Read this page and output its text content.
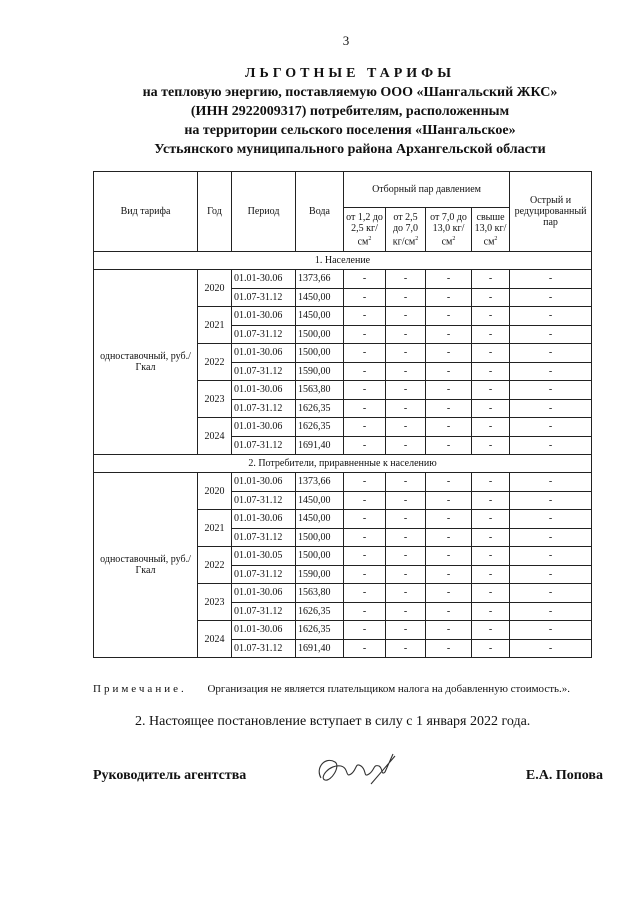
3
ЛЬГОТНЫЕ ТАРИФЫ
на тепловую энергию, поставляемую ООО «Шангальский ЖКС»
(ИНН 2922009317) потребителям, расположенным
на территории сельского поселения «Шангальское»
Устьянского муниципального района Архангельской области
Вид тарифа	Год	Период	Вода	Отборный пар давлением				Острый и редуцированный пар
				от 1,2 до 2,5 $кг/см^2$	от 2,5 до 7,0 $кг/см^2$	от 7,0 до 13,0 $кг/см^2$	свыше 13,0 $кг/см^2$
1. Население								
одноставочный, руб./Гкал	2020	01.01-30.06	1373,66	-	-	-	-	-
		01.07-31.12	1450,00	-	-	-	-	-
	2021	01.01-30.06	1450,00	-	-	-	-	-
		01.07-31.12	1500,00	-	-	-	-	-
	2022	01.01-30.06	1500,00	-	-	-	-	-
		01.07-31.12	1590,00	-	-	-	-	-
	2023	01.01-30.06	1563,80	-	-	-	-	-
		01.07-31.12	1626,35	-	-	-	-	-
	2024	01.01-30.06	1626,35	-	-	-	-	-
		01.07-31.12	1691,40	-	-	-	-	-
2. Потребители, приравненные к населению								
одноставочный, руб./Гкал	2020	01.01-30.06	1373,66	-	-	-	-	-
		01.07-31.12	1450,00	-	-	-	-	-
	2021	01.01-30.06	1450,00	-	-	-	-	-
		01.07-31.12	1500,00	-	-	-	-	-
	2022	01.01-30.05	1500,00	-	-	-	-	-
		01.07-31.12	1590,00	-	-	-	-	-
	2023	01.01-30.06	1563,80	-	-	-	-	-
		01.07-31.12	1626,35	-	-	-	-	-
	2024	01.01-30.06	1626,35	-	-	-	-	-
		01.07-31.12	1691,40	-	-	-	-	-
Примечание. Организация не является плательщиком налога на добавленную стоимость.».
2. Настоящее постановление вступает в силу с 1 января 2022 года.
Руководитель агентства	Е.А. Попова
